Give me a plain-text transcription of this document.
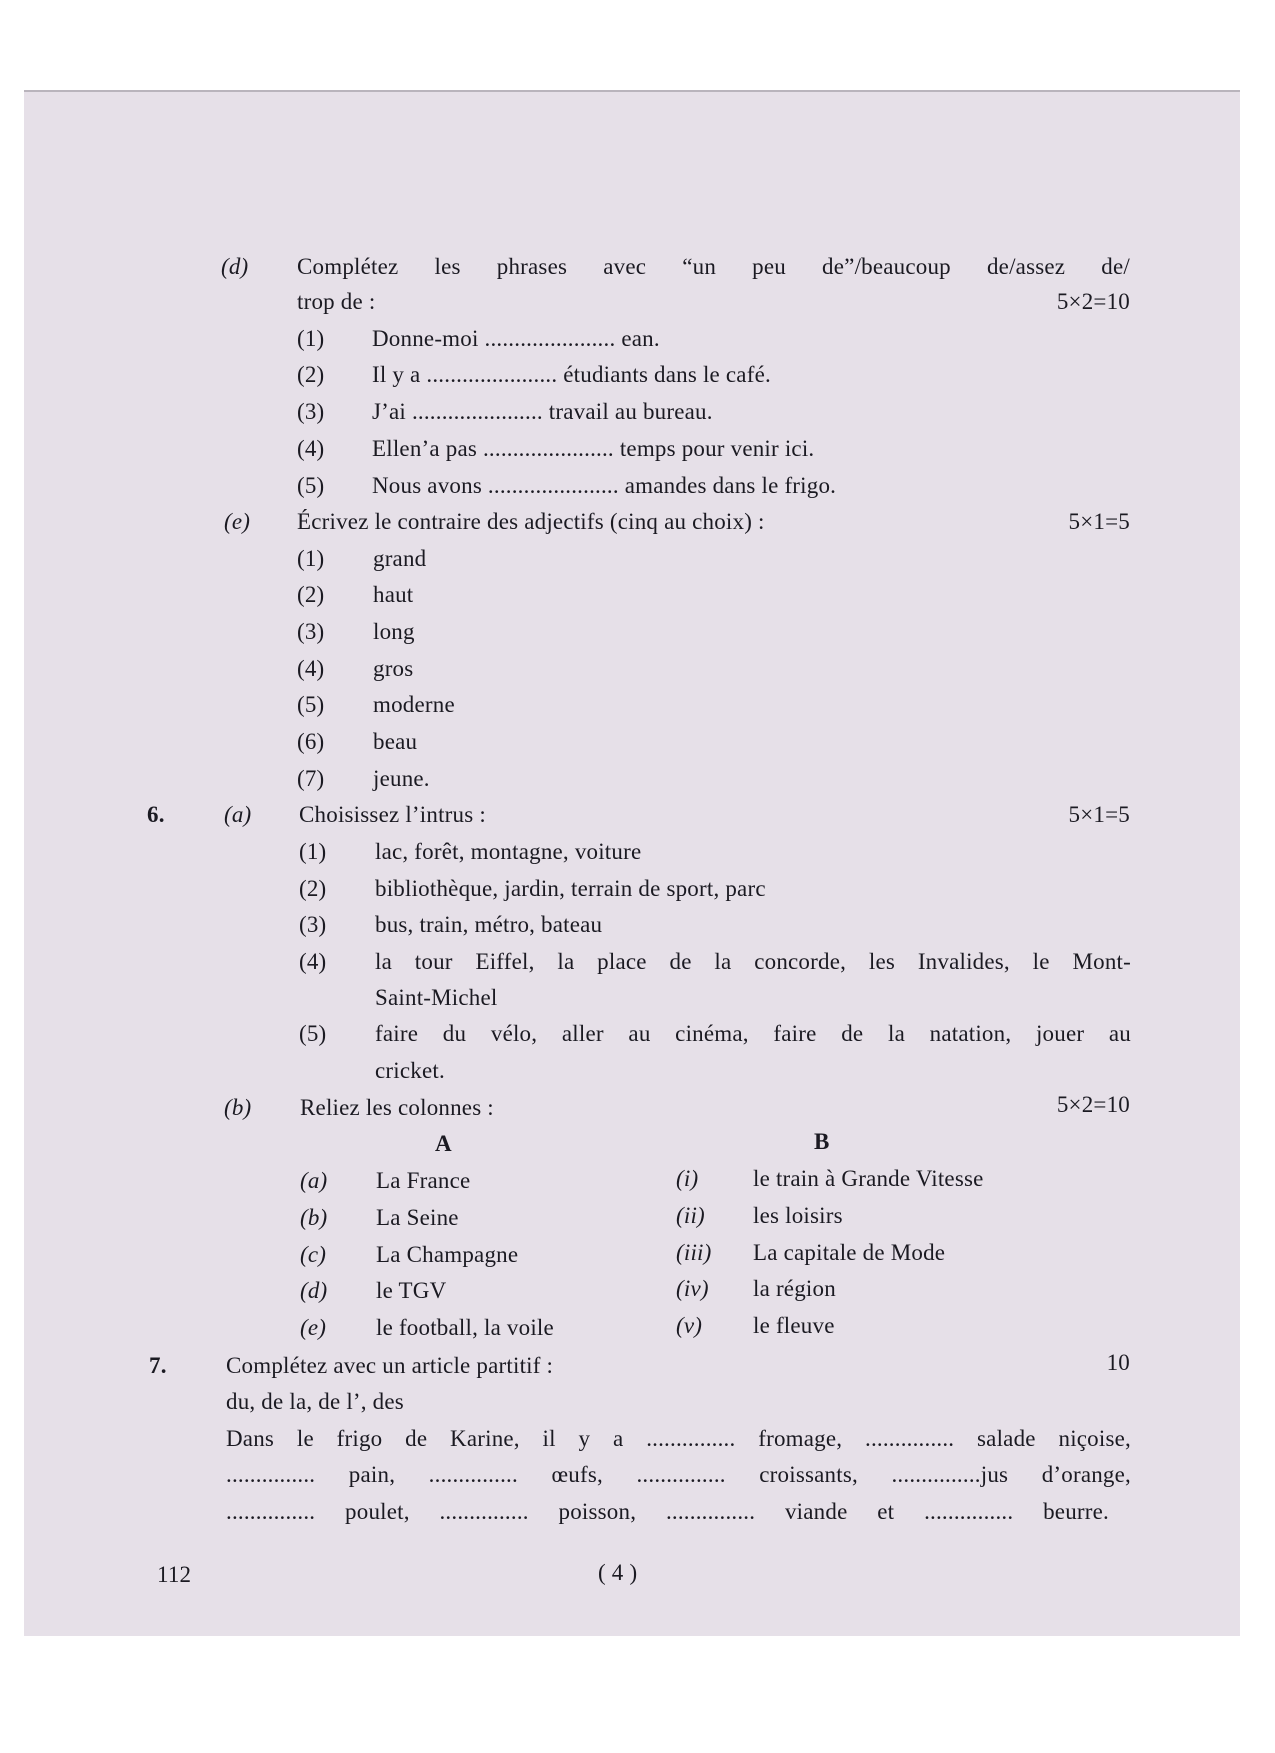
(d) Complétez les phrases avec “un peu de”/beaucoup de/assez de/
trop de :	5×2=10
(1) Donne-moi ...................... ean.
(2) Il y a ...................... étudiants dans le café.
(3) J’ai ...................... travail au bureau.
(4) Ellen’a pas ...................... temps pour venir ici.
(5) Nous avons ...................... amandes dans le frigo.
(e) Écrivez le contraire des adjectifs (cinq au choix) :	5×1=5
(1) grand
(2) haut
(3) long
(4) gros
(5) moderne
(6) beau
(7) jeune.
6.	(a) Choisissez l’intrus :	5×1=5
(1) lac, forêt, montagne, voiture
(2) bibliothèque, jardin, terrain de sport, parc
(3) bus, train, métro, bateau
(4) la tour Eiffel, la place de la concorde, les Invalides, le Mont-
Saint-Michel
(5) faire du vélo, aller au cinéma, faire de la natation, jouer au
cricket.
(b) Reliez les colonnes :	5×2=10
A	B
(a) La France	(i) le train à Grande Vitesse
(b) La Seine	(ii) les loisirs
(c) La Champagne	(iii) La capitale de Mode
(d) le TGV	(iv) la région
(e) le football, la voile	(v) le fleuve
7.	Complétez avec un article partitif :	10
du, de la, de l’, des
Dans le frigo de Karine, il y a ............... fromage, ............... salade niçoise,
............... pain, ............... œufs, ............... croissants, ...............jus d’orange,
............... poulet, ............... poisson, ............... viande et ............... beurre.
112	( 4 )
